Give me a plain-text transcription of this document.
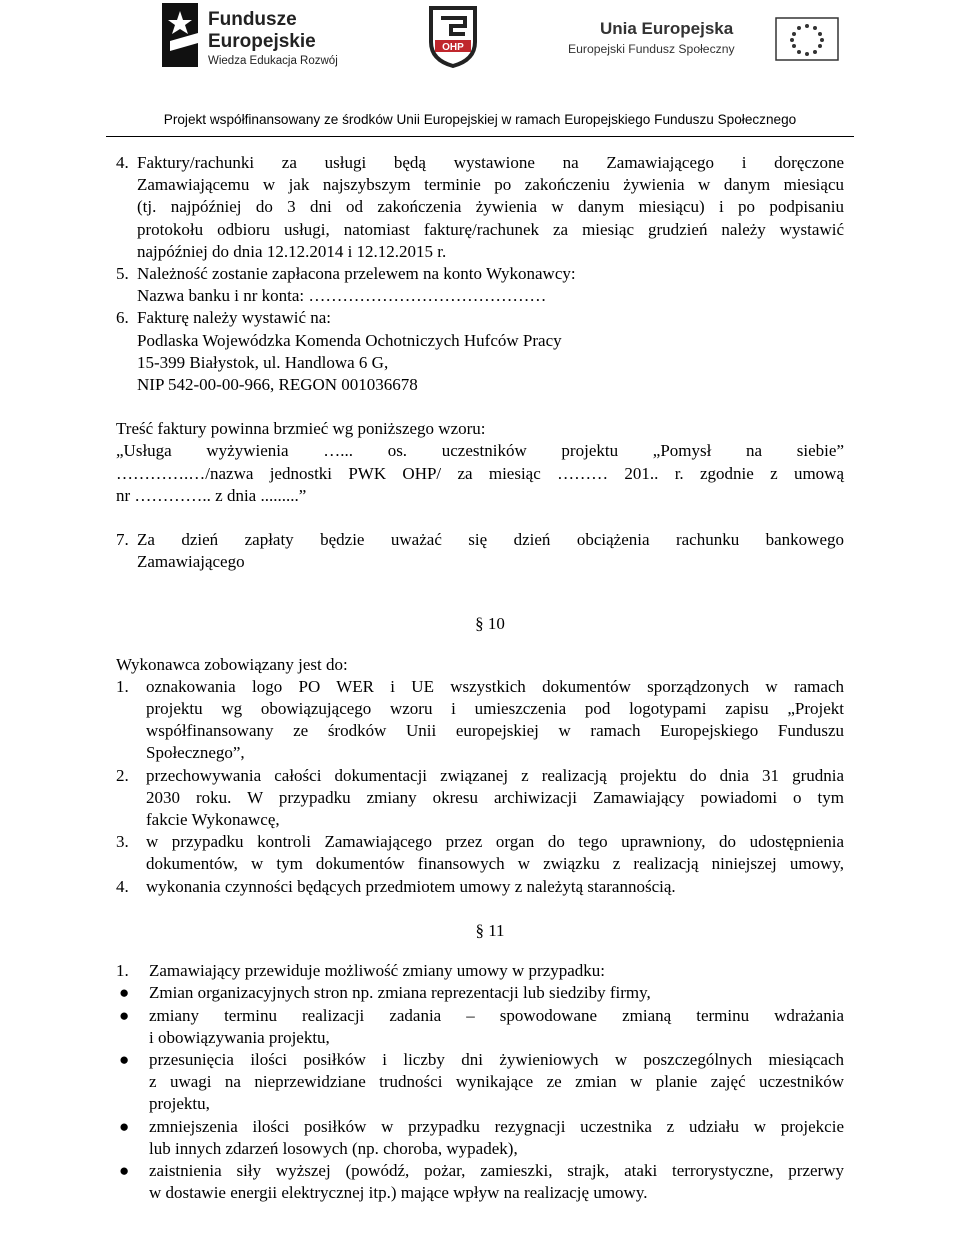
Fundusze
Europejskie
Wiedza Edukacja Rozwój
OHP
Unia Europejska
Europejski Fundusz Społeczny
Projekt współfinansowany ze środków Unii Europejskiej w ramach Europejskiego Funduszu Społecznego

4. Faktury/rachunki za usługi będą wystawione na Zamawiającego i doręczone

Zamawiającemu w jak najszybszym terminie po zakończeniu żywienia w danym miesiącu

(tj. najpóźniej do 3 dni od zakończenia żywienia w danym miesiącu) i po podpisaniu

protokołu odbioru usługi, natomiast fakturę/rachunek za miesiąc grudzień należy wystawić

najpóźniej do dnia 12.12.2014 i 12.12.2015 r.

5. Należność zostanie zapłacona przelewem na konto Wykonawcy:

Nazwa banku i nr konta: ……………………………………

6. Fakturę należy wystawić na:

Podlaska Wojewódzka Komenda Ochotniczych Hufców Pracy

15-399 Białystok, ul. Handlowa 6 G,

NIP 542-00-00-966, REGON 001036678

Treść faktury powinna brzmieć wg poniższego wzoru:

„Usługa wyżywienia …... os. uczestników projektu „Pomysł na siebie”

………….…/nazwa jednostki PWK OHP/ za miesiąc ……… 201.. r. zgodnie z umową

nr ………….. z dnia .........”

7. Za dzień zapłaty będzie uważać się dzień obciążenia rachunku bankowego

Zamawiającego

§ 10

Wykonawca zobowiązany jest do:

1. oznakowania logo PO WER i UE wszystkich dokumentów sporządzonych w ramach

projektu wg obowiązującego wzoru i umieszczenia pod logotypami zapisu „Projekt

współfinansowany ze środków Unii europejskiej w ramach Europejskiego Funduszu

Społecznego”,

2. przechowywania całości dokumentacji związanej z realizacją projektu do dnia 31 grudnia

2030 roku. W przypadku zmiany okresu archiwizacji Zamawiający powiadomi o tym

fakcie Wykonawcę,

3. w przypadku kontroli Zamawiającego przez organ do tego uprawniony, do udostępnienia

dokumentów, w tym dokumentów finansowych w związku z realizacją niniejszej umowy,

4. wykonania czynności będących przedmiotem umowy z należytą starannością.

§ 11

1. Zamawiający przewiduje możliwość zmiany umowy w przypadku:

● Zmian organizacyjnych stron np. zmiana reprezentacji lub siedziby firmy,

● zmiany terminu realizacji zadania – spowodowane zmianą terminu wdrażania

i obowiązywania projektu,

● przesunięcia ilości posiłków i liczby dni żywieniowych w poszczególnych miesiącach

z uwagi na nieprzewidziane trudności wynikające ze zmian w planie zajęć uczestników

projektu,

● zmniejszenia ilości posiłków w przypadku rezygnacji uczestnika z udziału w projekcie

lub innych zdarzeń losowych (np. choroba, wypadek),

● zaistnienia siły wyższej (powódź, pożar, zamieszki, strajk, ataki terrorystyczne, przerwy

w dostawie energii elektrycznej itp.) mające wpływ na realizację umowy.
